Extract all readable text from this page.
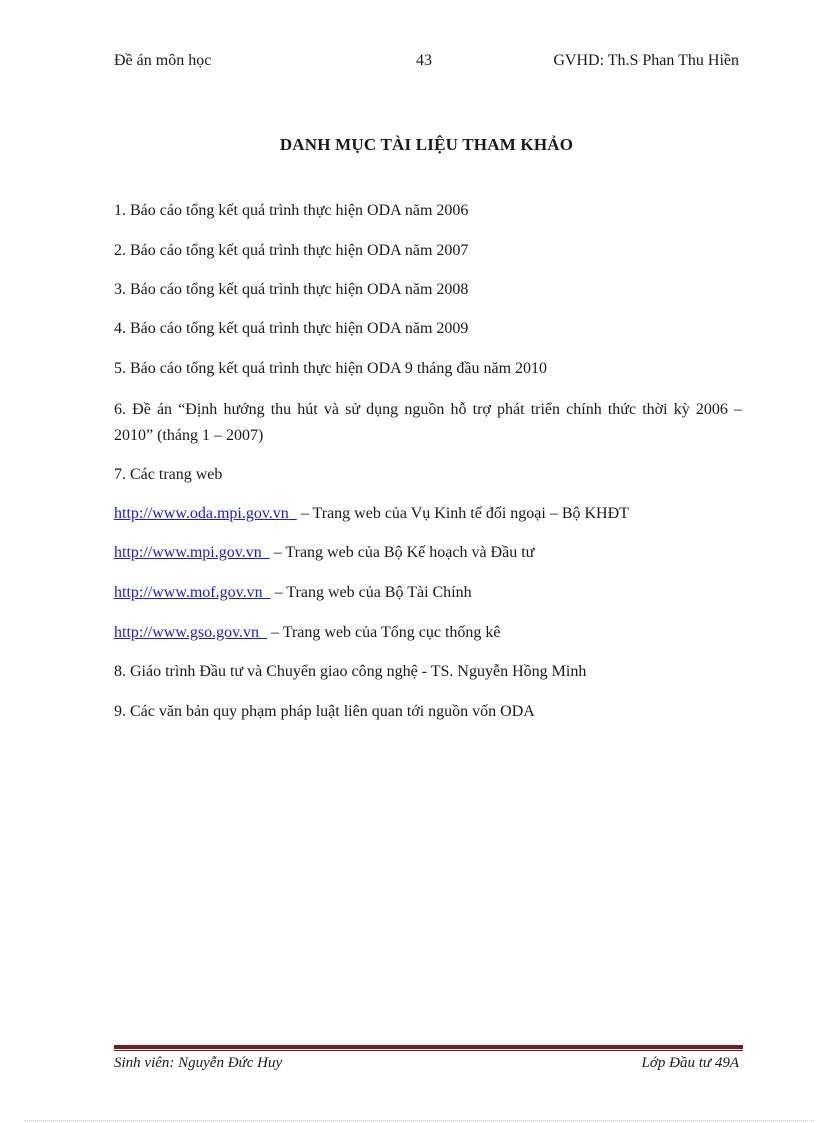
Đề án môn học	43	GVHD: Th.S Phan Thu Hiền
DANH MỤC TÀI LIỆU THAM KHẢO
1. Báo cáo tổng kết quá trình thực hiện ODA năm 2006
2. Báo cáo tổng kết quá trình thực hiện ODA năm 2007
3. Báo cáo tổng kết quá trình thực hiện ODA năm 2008
4. Báo cáo tổng kết quá trình thực hiện ODA năm 2009
5. Báo cáo tổng kết quá trình thực hiện ODA 9 tháng đầu năm 2010
6. Đề án “Định hướng thu hút và sử dụng nguồn hỗ trợ phát triển chính thức thời kỳ 2006 – 2010” (tháng 1 – 2007)
7. Các trang web
http://www.oda.mpi.gov.vn   – Trang web của Vụ Kinh tế đối ngoại – Bộ KHĐT
http://www.mpi.gov.vn   – Trang web của Bộ Kế hoạch và Đầu tư
http://www.mof.gov.vn   – Trang web của Bộ Tài Chính
http://www.gso.gov.vn   – Trang web của Tổng cục thống kê
8. Giáo trình Đầu tư và Chuyển giao công nghệ - TS. Nguyễn Hồng Minh
9. Các văn bản quy phạm pháp luật liên quan tới nguồn vốn ODA
Sinh viên: Nguyễn Đức Huy	Lớp Đầu tư 49A
